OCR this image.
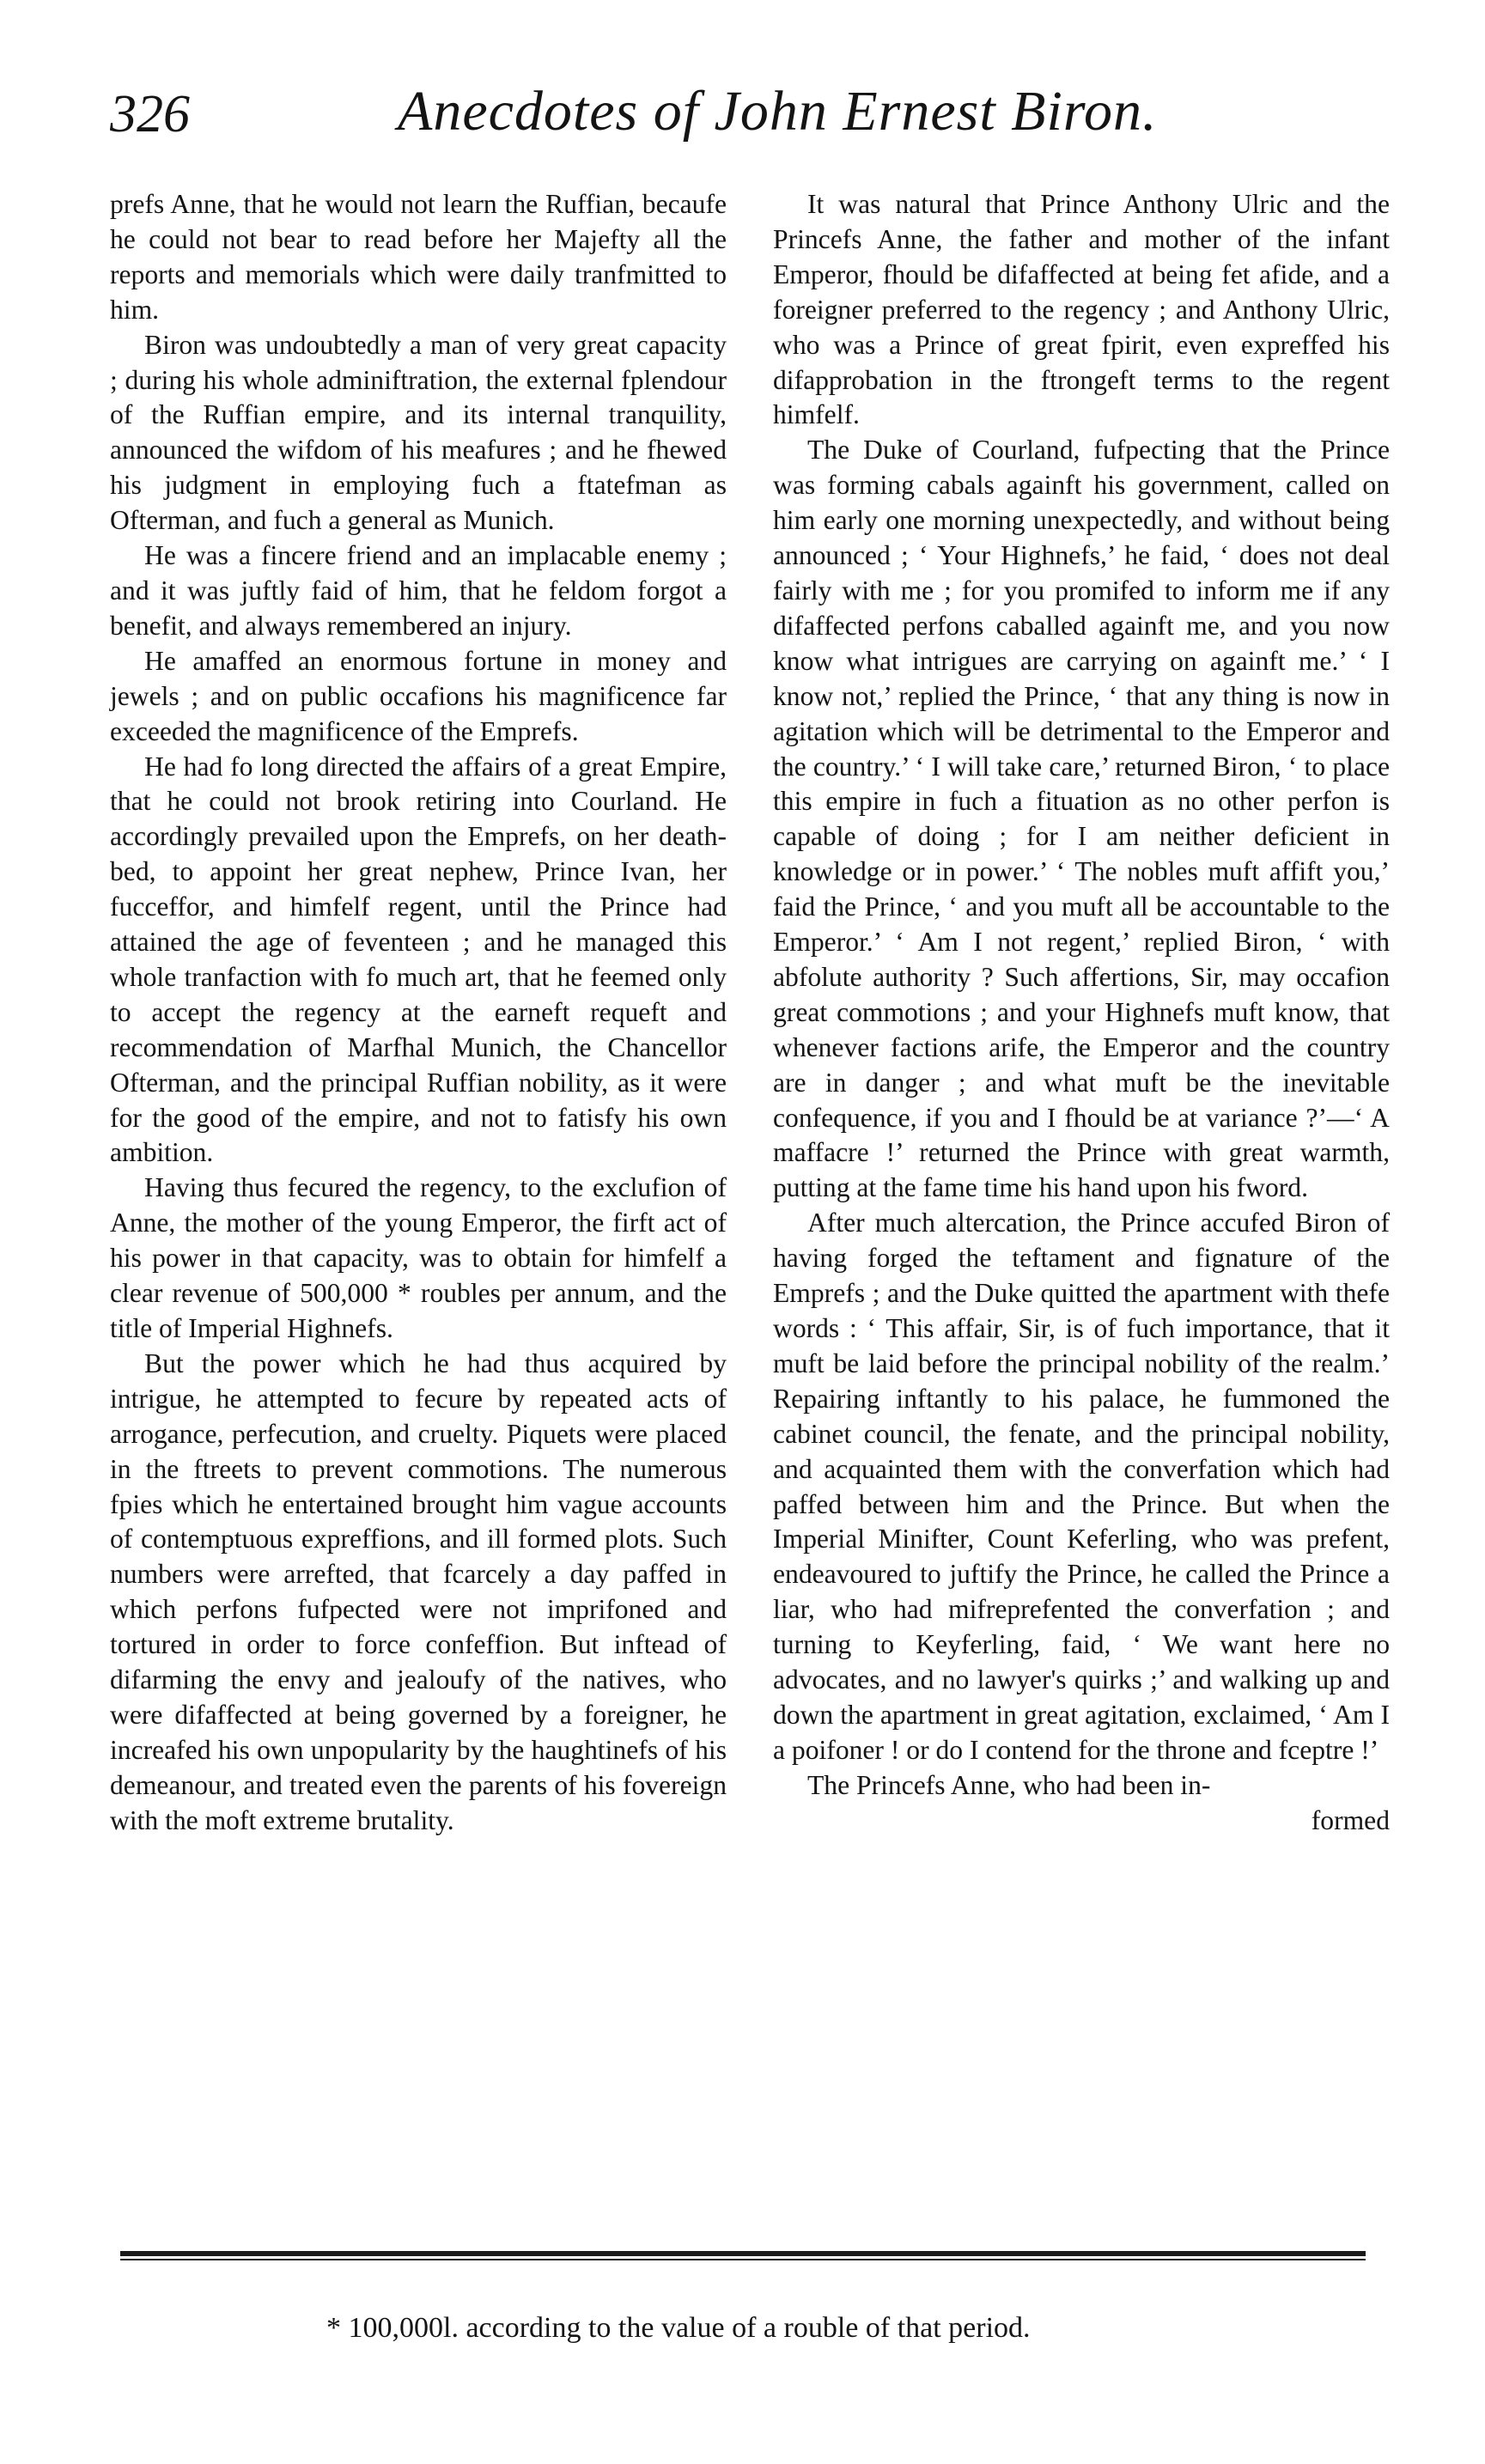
326	Anecdotes of John Ernest Biron.

prefs Anne, that he would not learn the Ruffian, becaufe he could not bear to read before her Majefty all the reports and memorials which were daily tranfmitted to him.

Biron was undoubtedly a man of very great capacity ; during his whole adminiftration, the external fplendour of the Ruffian empire, and its internal tranquility, announced the wifdom of his meafures ; and he fhewed his judgment in employing fuch a ftatefman as Ofterman, and fuch a general as Munich.

He was a fincere friend and an implacable enemy ; and it was juftly faid of him, that he feldom forgot a benefit, and always remembered an injury.

He amaffed an enormous fortune in money and jewels ; and on public occafions his magnificence far exceeded the magnificence of the Emprefs.

He had fo long directed the affairs of a great Empire, that he could not brook retiring into Courland. He accordingly prevailed upon the Emprefs, on her death-bed, to appoint her great nephew, Prince Ivan, her fucceffor, and himfelf regent, until the Prince had attained the age of feventeen ; and he managed this whole tranfaction with fo much art, that he feemed only to accept the regency at the earneft requeft and recommendation of Marfhal Munich, the Chancellor Ofterman, and the principal Ruffian nobility, as it were for the good of the empire, and not to fatisfy his own ambition.

Having thus fecured the regency, to the exclufion of Anne, the mother of the young Emperor, the firft act of his power in that capacity, was to obtain for himfelf a clear revenue of 500,000 * roubles per annum, and the title of Imperial Highnefs.

But the power which he had thus acquired by intrigue, he attempted to fecure by repeated acts of arrogance, perfecution, and cruelty. Piquets were placed in the ftreets to prevent commotions. The numerous fpies which he entertained brought him vague accounts of contemptuous expreffions, and ill formed plots. Such numbers were arrefted, that fcarcely a day paffed in which perfons fufpected were not imprifoned and tortured in order to force confeffion. But inftead of difarming the envy and jealoufy of the natives, who were difaffected at being governed by a foreigner, he increafed his own unpopularity by the haughtinefs of his demeanour, and treated even the parents of his fovereign with the moft extreme brutality.

It was natural that Prince Anthony Ulric and the Princefs Anne, the father and mother of the infant Emperor, fhould be difaffected at being fet afide, and a foreigner preferred to the regency ; and Anthony Ulric, who was a Prince of great fpirit, even expreffed his difapprobation in the ftrongeft terms to the regent himfelf.

The Duke of Courland, fufpecting that the Prince was forming cabals againft his government, called on him early one morning unexpectedly, and without being announced ; ‘ Your Highnefs,’ he faid, ‘ does not deal fairly with me ; for you promifed to inform me if any difaffected perfons caballed againft me, and you now know what intrigues are carrying on againft me.’ ‘ I know not,’ replied the Prince, ‘ that any thing is now in agitation which will be detrimental to the Emperor and the country.’ ‘ I will take care,’ returned Biron, ‘ to place this empire in fuch a fituation as no other perfon is capable of doing ; for I am neither deficient in knowledge or in power.’ ‘ The nobles muft affift you,’ faid the Prince, ‘ and you muft all be accountable to the Emperor.’ ‘ Am I not regent,’ replied Biron, ‘ with abfolute authority ? Such affertions, Sir, may occafion great commotions ; and your Highnefs muft know, that whenever factions arife, the Emperor and the country are in danger ; and what muft be the inevitable confequence, if you and I fhould be at variance ?’—‘ A maffacre !’ returned the Prince with great warmth, putting at the fame time his hand upon his fword.

After much altercation, the Prince accufed Biron of having forged the teftament and fignature of the Emprefs ; and the Duke quitted the apartment with thefe words : ‘ This affair, Sir, is of fuch importance, that it muft be laid before the principal nobility of the realm.’ Repairing inftantly to his palace, he fummoned the cabinet council, the fenate, and the principal nobility, and acquainted them with the converfation which had paffed between him and the Prince. But when the Imperial Minifter, Count Keferling, who was prefent, endeavoured to juftify the Prince, he called the Prince a liar, who had mifreprefented the converfation ; and turning to Keyferling, faid, ‘ We want here no advocates, and no lawyer's quirks ;’ and walking up and down the apartment in great agitation, exclaimed, ‘ Am I a poifoner ! or do I contend for the throne and fceptre !’

The Princefs Anne, who had been in-

formed

* 100,000l. according to the value of a rouble of that period.
